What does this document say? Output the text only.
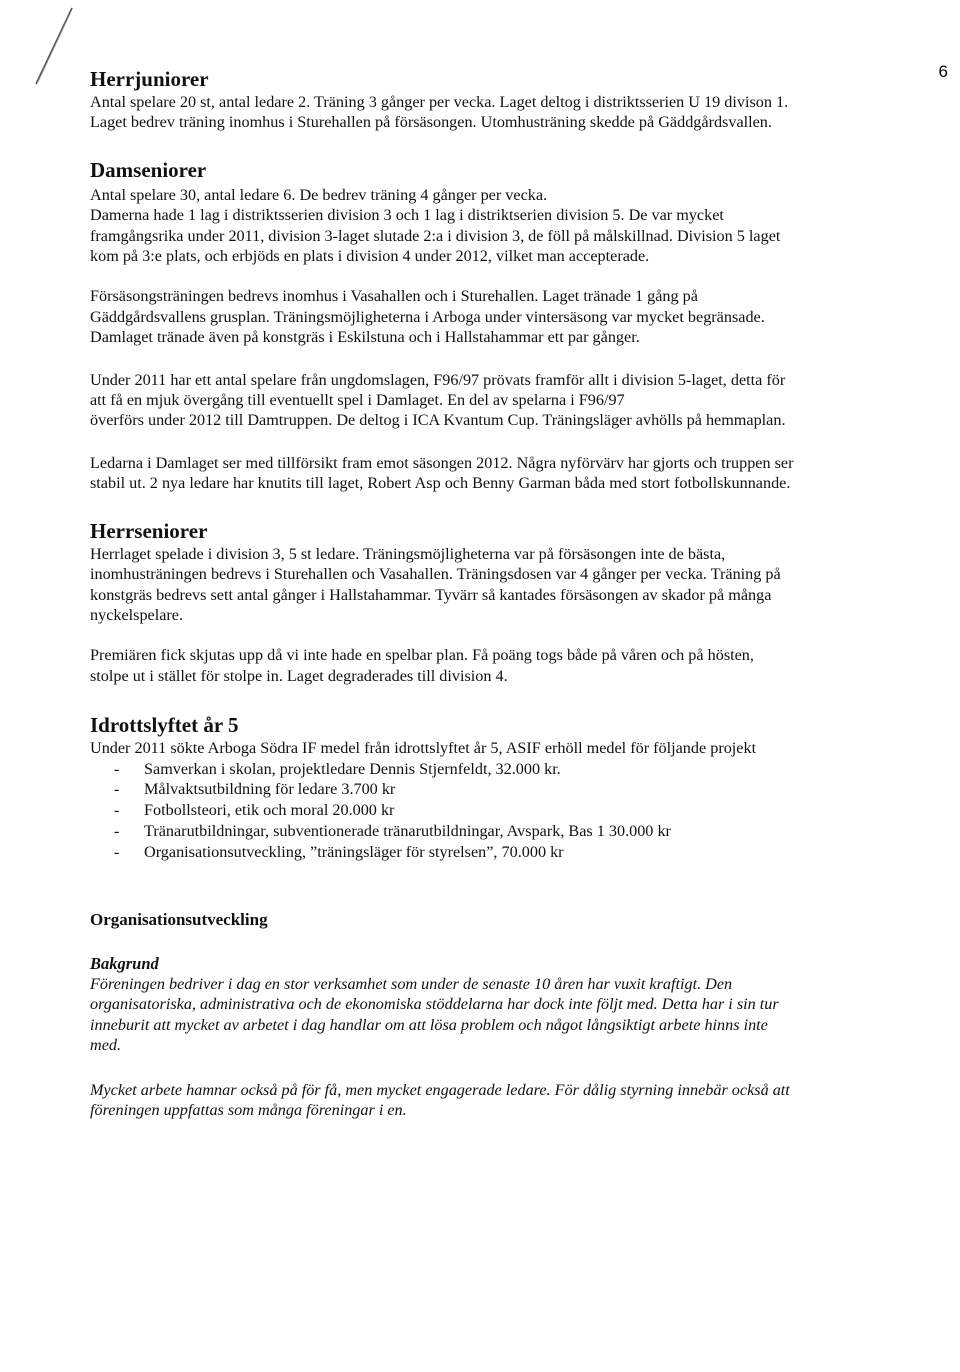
6
Herrjuniorer

Antal spelare 20 st, antal ledare 2. Träning 3 gånger per vecka. Laget deltog i distriktsserien U 19 divison 1.

Laget bedrev träning inomhus i Sturehallen på försäsongen. Utomhusträning skedde på Gäddgårdsvallen.

Damseniorer

Antal spelare 30, antal ledare 6. De bedrev träning 4 gånger per vecka.

Damerna hade 1 lag i distriktsserien division 3 och 1 lag i distriktserien division 5. De var mycket

framgångsrika under 2011, division 3-laget slutade 2:a i division 3, de föll på målskillnad. Division 5 laget

kom på 3:e plats, och erbjöds en plats i division 4 under 2012, vilket man accepterade.

Försäsongsträningen bedrevs inomhus i Vasahallen och i Sturehallen. Laget tränade 1 gång på

Gäddgårdsvallens grusplan. Träningsmöjligheterna i Arboga under vintersäsong var mycket begränsade.

Damlaget tränade även på konstgräs i Eskilstuna och i Hallstahammar ett par gånger.

Under 2011 har ett antal spelare från ungdomslagen, F96/97 prövats framför allt i division 5-laget, detta för

att få en mjuk övergång till eventuellt spel i Damlaget. En del av spelarna i F96/97

överförs under 2012 till Damtruppen. De deltog i ICA Kvantum Cup. Träningsläger avhölls på hemmaplan.

Ledarna i Damlaget ser med tillförsikt fram emot säsongen 2012. Några nyförvärv har gjorts och truppen ser

stabil ut. 2 nya ledare har knutits till laget, Robert Asp och Benny Garman båda med stort fotbollskunnande.

Herrseniorer

Herrlaget spelade i division 3, 5 st ledare. Träningsmöjligheterna var på försäsongen inte de bästa,

inomhusträningen bedrevs i Sturehallen och Vasahallen. Träningsdosen var 4 gånger per vecka. Träning på

konstgräs bedrevs sett antal gånger i Hallstahammar. Tyvärr så kantades försäsongen av skador på många

nyckelspelare.

Premiären fick skjutas upp då vi inte hade en spelbar plan. Få poäng togs både på våren och på hösten,

stolpe ut i stället för stolpe in. Laget degraderades till division 4.

Idrottslyftet år 5

Under 2011 sökte Arboga Södra IF medel från idrottslyftet år 5, ASIF erhöll medel för följande projekt

- Samverkan i skolan, projektledare Dennis Stjernfeldt, 32.000 kr.
- Målvaktsutbildning för ledare 3.700 kr
- Fotbollsteori, etik och moral 20.000 kr
- Tränarutbildningar, subventionerade tränarutbildningar, Avspark, Bas 1 30.000 kr
- Organisationsutveckling, ”träningsläger för styrelsen”, 70.000 kr
Organisationsutveckling
Bakgrund

Föreningen bedriver i dag en stor verksamhet som under de senaste 10 åren har vuxit kraftigt. Den

organisatoriska, administrativa och de ekonomiska stöddelarna har dock inte följt med. Detta har i sin tur

inneburit att mycket av arbetet i dag handlar om att lösa problem och något långsiktigt arbete hinns inte

med.

Mycket arbete hamnar också på för få, men mycket engagerade ledare. För dålig styrning innebär också att

föreningen uppfattas som många föreningar i en.
